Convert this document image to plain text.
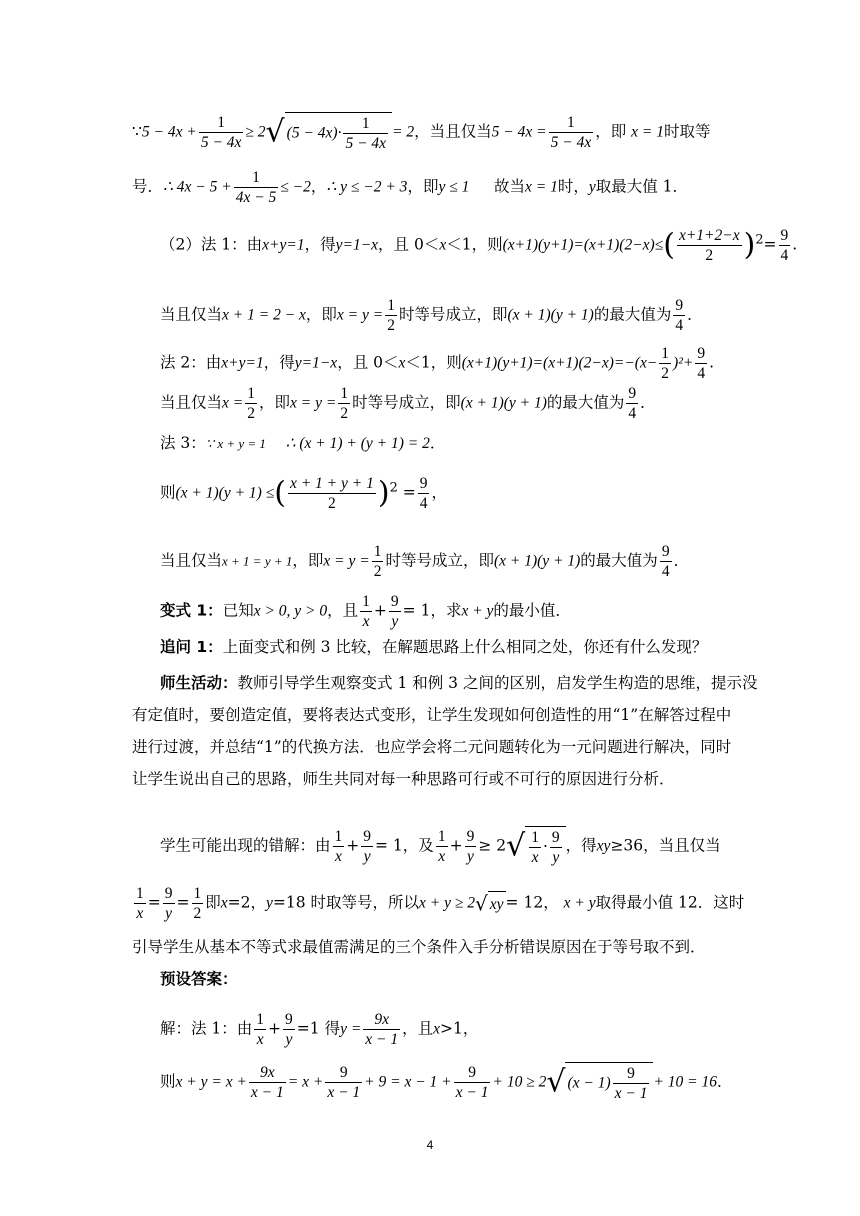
∵5 − $4x + \frac{1}{5 - 4x} \ge 2√$ $(5 - 4x)\cdot \frac{1}{5 - 4x} = 2$，当且仅当$5 - 4x = \frac{1}{5 - 4x}$ ，即 x = 1时取等
号．∴ $4x - 5 + \frac{1}{4x - 5} \le -2$，∴ y ≤ −2 + 3，即y ≤ 1 故当x = 1时，y取最大值 1．
（2）法 1：由x+y=1，得y=1−x，且 0＜x＜1，则$(x+1)(y+1)=(x+1)(2-x)\le( \frac{x+1+2-x}{2} )^2= \frac{9}{4}$ .
当且仅当x + 1 = 2 − x，即$x = y = \frac{1}{2}$ 时等号成立，即(x + 1)(y + 1)的最大值为 $\frac{9}{4}$ ．
法 2：由x+y=1，得y=1−x，且 0＜x＜1，则$(x+1)(y+1)=(x+1)(2-x)=-(x- \frac{1}{2} )^2+ \frac{9}{4}$ .
当且仅当$x = \frac{1}{2}$ ，即$x = y = \frac{1}{2}$ 时等号成立，即(x + 1)(y + 1)的最大值为 $\frac{9}{4}$ ．
法 3：∵ x + y = 1 ∴ (x + 1) + (y + 1) = 2．
则(x + 1)(y + 1) ≤( $\frac{x + 1 + y + 1}{2} )^2 = \frac{9}{4}$ ，
当且仅当x + 1 = y + 1，即$x = y = \frac{1}{2}$ 时等号成立，即(x + 1)(y + 1)的最大值为 $\frac{9}{4}$ ．
变式 1：已知x > 0, y > 0，且 $\frac{1}{x} + \frac{9}{y} = 1$，求x + y的最小值．
追问 1：上面变式和例 3 比较，在解题思路上什么相同之处，你还有什么发现？
师生活动：教师引导学生观察变式 1 和例 3 之间的区别，启发学生构造的思维，提示没
有定值时，要创造定值，要将表达式变形，让学生发现如何创造性的用“1”在解答过程中
进行过渡，并总结“1”的代换方法．也应学会将二元问题转化为一元问题进行解决，同时
让学生说出自己的思路，师生共同对每一种思路可行或不可行的原因进行分析．
学生可能出现的错解：由 $\frac{1}{x} + \frac{9}{y} = 1$，及 $\frac{1}{x} + \frac{9}{y} \ge 2√ \frac{1}{x} \cdot \frac{9}{y}$ ，得xy≥36，当且仅当
$\frac{1}{x} = \frac{9}{y} = \frac{1}{2}$ 即x=2，y=18 时取等号，所以x + y ≥ 2√ xy = 12， x + y取得最小值 12．这时
引导学生从基本不等式求最值需满足的三个条件入手分析错误原因在于等号取不到．
预设答案：
解：法 1：由 $\frac{1}{x} + \frac{9}{y} =1$ 得$y = \frac{9x}{x - 1}$ ，且x>1，
则$x + y = x + \frac{9x}{x - 1} = x + \frac{9}{x - 1} + 9 = x - 1 + \frac{9}{x - 1} + 10 \ge 2√$ $(x - 1) \frac{9}{x - 1} + 10 = 16$．
4
